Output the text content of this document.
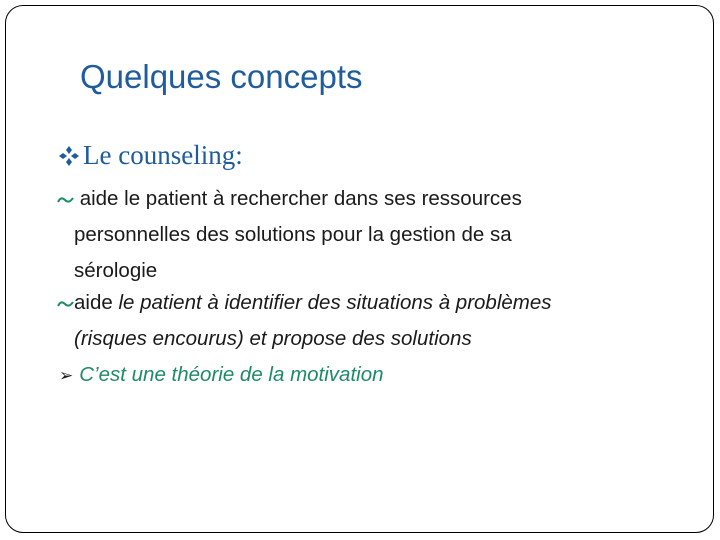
Quelques concepts
Le counseling:
aide le patient à rechercher dans ses ressources
personnelles des solutions pour la gestion de sa
sérologie
aide le patient à identifier des situations à problèmes
(risques encourus) et propose des solutions
➢ C’est une théorie de la motivation
